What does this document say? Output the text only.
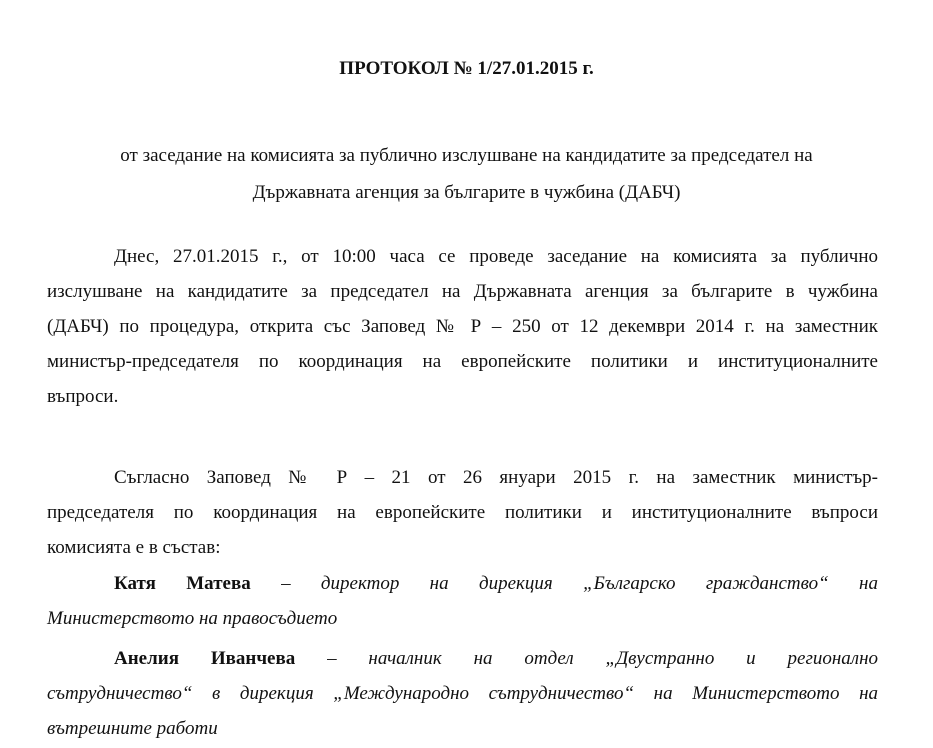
ПРОТОКОЛ № 1/27.01.2015 г.
от заседание на комисията за публично изслушване на кандидатите за председател на
Държавната агенция за българите в чужбина (ДАБЧ)

Днес, 27.01.2015 г., от 10:00 часа се проведе заседание на комисията за публично
изслушване на кандидатите за председател на Държавната агенция за българите в чужбина
(ДАБЧ) по процедура, открита със Заповед № Р – 250 от 12 декември 2014 г. на заместник
министър-председателя по координация на европейските политики и институционалните
въпроси.

Съгласно Заповед № Р – 21 от 26 януари 2015 г. на заместник министър-
председателя по координация на европейските политики и институционалните въпроси
комисията е в състав:

Катя Матева – директор на дирекция „Българско гражданство“ на
Министерството на правосъдието

Анелия Иванчева – началник на отдел „Двустранно и регионално
сътрудничество“ в дирекция „Международно сътрудничество“ на Министерството на
вътрешните работи
